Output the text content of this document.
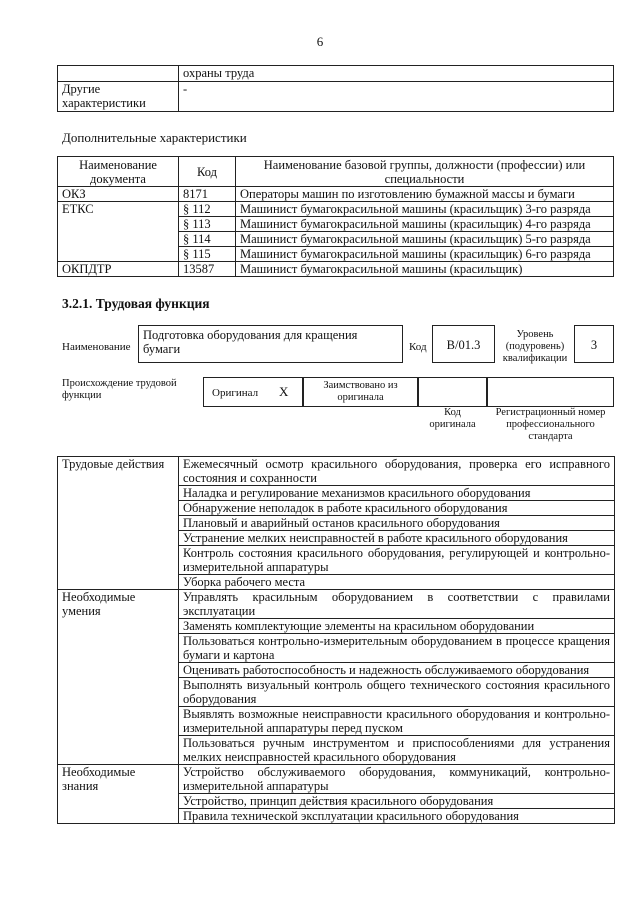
6
	охраны труда
Другие характеристики	-
Дополнительные характеристики
Наименование документа	Код	Наименование базовой группы, должности (профессии) или специальности
ОКЗ	8171	Операторы машин по изготовлению бумажной массы и бумаги
ЕТКС	§ 112	Машинист бумагокрасильной машины (красильщик) 3-го разряда
	§ 113	Машинист бумагокрасильной машины (красильщик) 4-го разряда
	§ 114	Машинист бумагокрасильной машины (красильщик) 5-го разряда
	§ 115	Машинист бумагокрасильной машины (красильщик) 6-го разряда
ОКПДТР	13587	Машинист бумагокрасильной машины (красильщик)
3.2.1. Трудовая функция
Наименование
Подготовка оборудования для кращения
бумаги	Код	B/01.3
Уровень
(подуровень)
квалификации
3
Происхождение трудовой
функции	Оригинал X	Заимствовано из
оригинала
Код
оригинала
Регистрационный номер
профессионального
стандарта
Трудовые действия	Ежемесячный осмотр красильного оборудования, проверка его исправного состояния и сохранности
	Наладка и регулирование механизмов красильного оборудования
	Обнаружение неполадок в работе красильного оборудования
	Плановый и аварийный останов красильного оборудования
	Устранение мелких неисправностей в работе красильного оборудования
	Контроль состояния красильного оборудования, регулирующей и контрольно-измерительной аппаратуры
	Уборка рабочего места

Необходимые
умения	Управлять красильным оборудованием в соответствии с правилами эксплуатации
	Заменять комплектующие элементы на красильном оборудовании
	Пользоваться контрольно-измерительным оборудованием в процессе кращения бумаги и картона
	Оценивать работоспособность и надежность обслуживаемого оборудования
	Выполнять визуальный контроль общего технического состояния красильного оборудования
	Выявлять возможные неисправности красильного оборудования и контрольно-измерительной аппаратуры перед пуском
	Пользоваться ручным инструментом и приспособлениями для устранения мелких неисправностей красильного оборудования

Необходимые
знания	Устройство обслуживаемого оборудования, коммуникаций, контрольно-измерительной аппаратуры
	Устройство, принцип действия красильного оборудования
	Правила технической эксплуатации красильного оборудования
